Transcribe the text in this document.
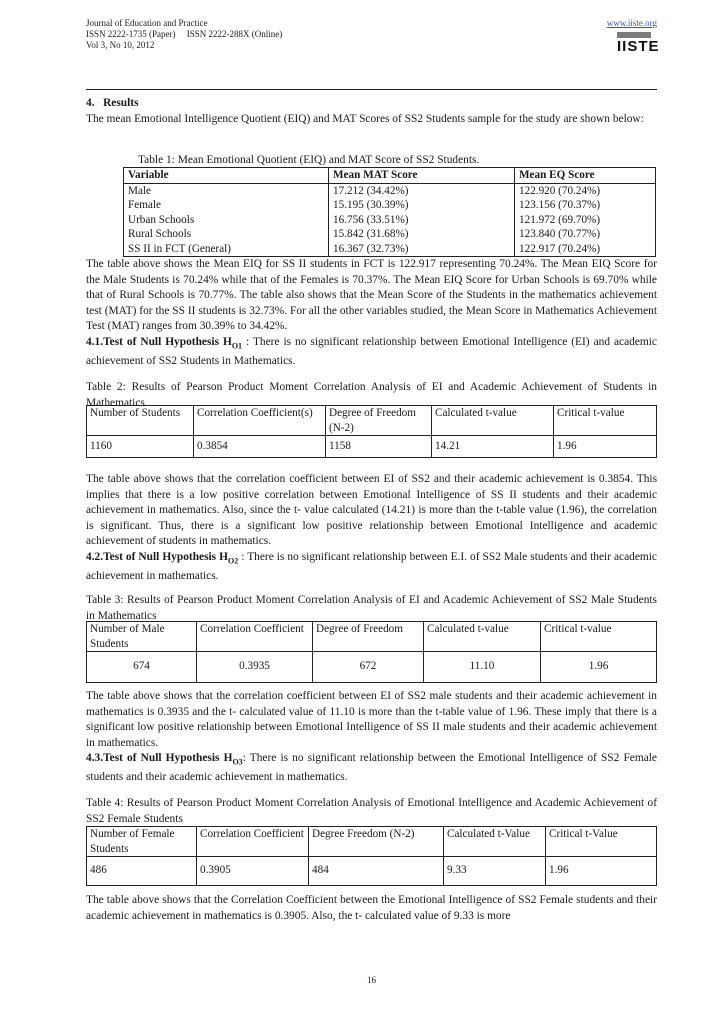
Journal of Education and Practice
ISSN 2222-1735 (Paper)     ISSN 2222-288X (Online)
Vol 3, No 10, 2012
www.iiste.org
IISTE

4.   Results

The mean Emotional Intelligence Quotient (EIQ) and MAT Scores of SS2 Students sample for the study are shown below:

Table 1: Mean Emotional Quotient (EIQ) and MAT Score of SS2 Students.

Variable	Mean MAT Score	Mean EQ Score
Male	17.212 (34.42%)	122.920 (70.24%)
Female	15.195 (30.39%)	123.156 (70.37%)
Urban Schools	16.756 (33.51%)	121.972 (69.70%)
Rural Schools	15.842 (31.68%)	123.840 (70.77%)
SS II in FCT (General)	16.367 (32.73%)	122.917 (70.24%)

The table above shows the Mean EIQ for SS II students in FCT is 122.917 representing 70.24%. The Mean EIQ Score for the Male Students is 70.24% while that of the Females is 70.37%. The Mean EIQ Score for Urban Schools is 69.70% while that of Rural Schools is 70.77%. The table also shows that the Mean Score of the Students in the mathematics achievement test (MAT) for the SS II students is 32.73%. For all the other variables studied, the Mean Score in Mathematics Achievement Test (MAT) ranges from 30.39% to 34.42%.

4.1.Test of Null Hypothesis $H_{O1}$ : There is no significant relationship between Emotional Intelligence (EI) and academic achievement of SS2 Students in Mathematics.

Table 2: Results of Pearson Product Moment Correlation Analysis of EI and Academic Achievement of Students in Mathematics

Number of Students	Correlation Coefficient(s)	Degree of Freedom (N-2)	Calculated t-value	Critical t-value
1160	0.3854	1158	14.21	1.96

The table above shows that the correlation coefficient between EI of SS2 and their academic achievement is 0.3854. This implies that there is a low positive correlation between Emotional Intelligence of SS II students and their academic achievement in mathematics. Also, since the t- value calculated (14.21) is more than the t-table value (1.96), the correlation is significant. Thus, there is a significant low positive relationship between Emotional Intelligence and academic achievement of students in mathematics.

4.2.Test of Null Hypothesis $H_{O2}$ : There is no significant relationship between E.I. of SS2 Male students and their academic achievement in mathematics.

Table 3: Results of Pearson Product Moment Correlation Analysis of EI and Academic Achievement of SS2 Male Students in Mathematics

Number of Male Students	Correlation Coefficient	Degree of Freedom	Calculated t-value	Critical t-value
674	0.3935	672	11.10	1.96

The table above shows that the correlation coefficient between EI of SS2 male students and their academic achievement in mathematics is 0.3935 and the t- calculated value of 11.10 is more than the t-table value of 1.96. These imply that there is a significant low positive relationship between Emotional Intelligence of SS II male students and their academic achievement in mathematics.

4.3.Test of Null Hypothesis $H_{O3}$: There is no significant relationship between the Emotional Intelligence of SS2 Female students and their academic achievement in mathematics.

Table 4: Results of Pearson Product Moment Correlation Analysis of Emotional Intelligence and Academic Achievement of SS2 Female Students

Number of Female Students	Correlation Coefficient	Degree Freedom (N-2)	Calculated t-Value	Critical t-Value
486	0.3905	484	9.33	1.96

The table above shows that the Correlation Coefficient between the Emotional Intelligence of SS2 Female students and their academic achievement in mathematics is 0.3905. Also, the t- calculated value of 9.33 is more

16
